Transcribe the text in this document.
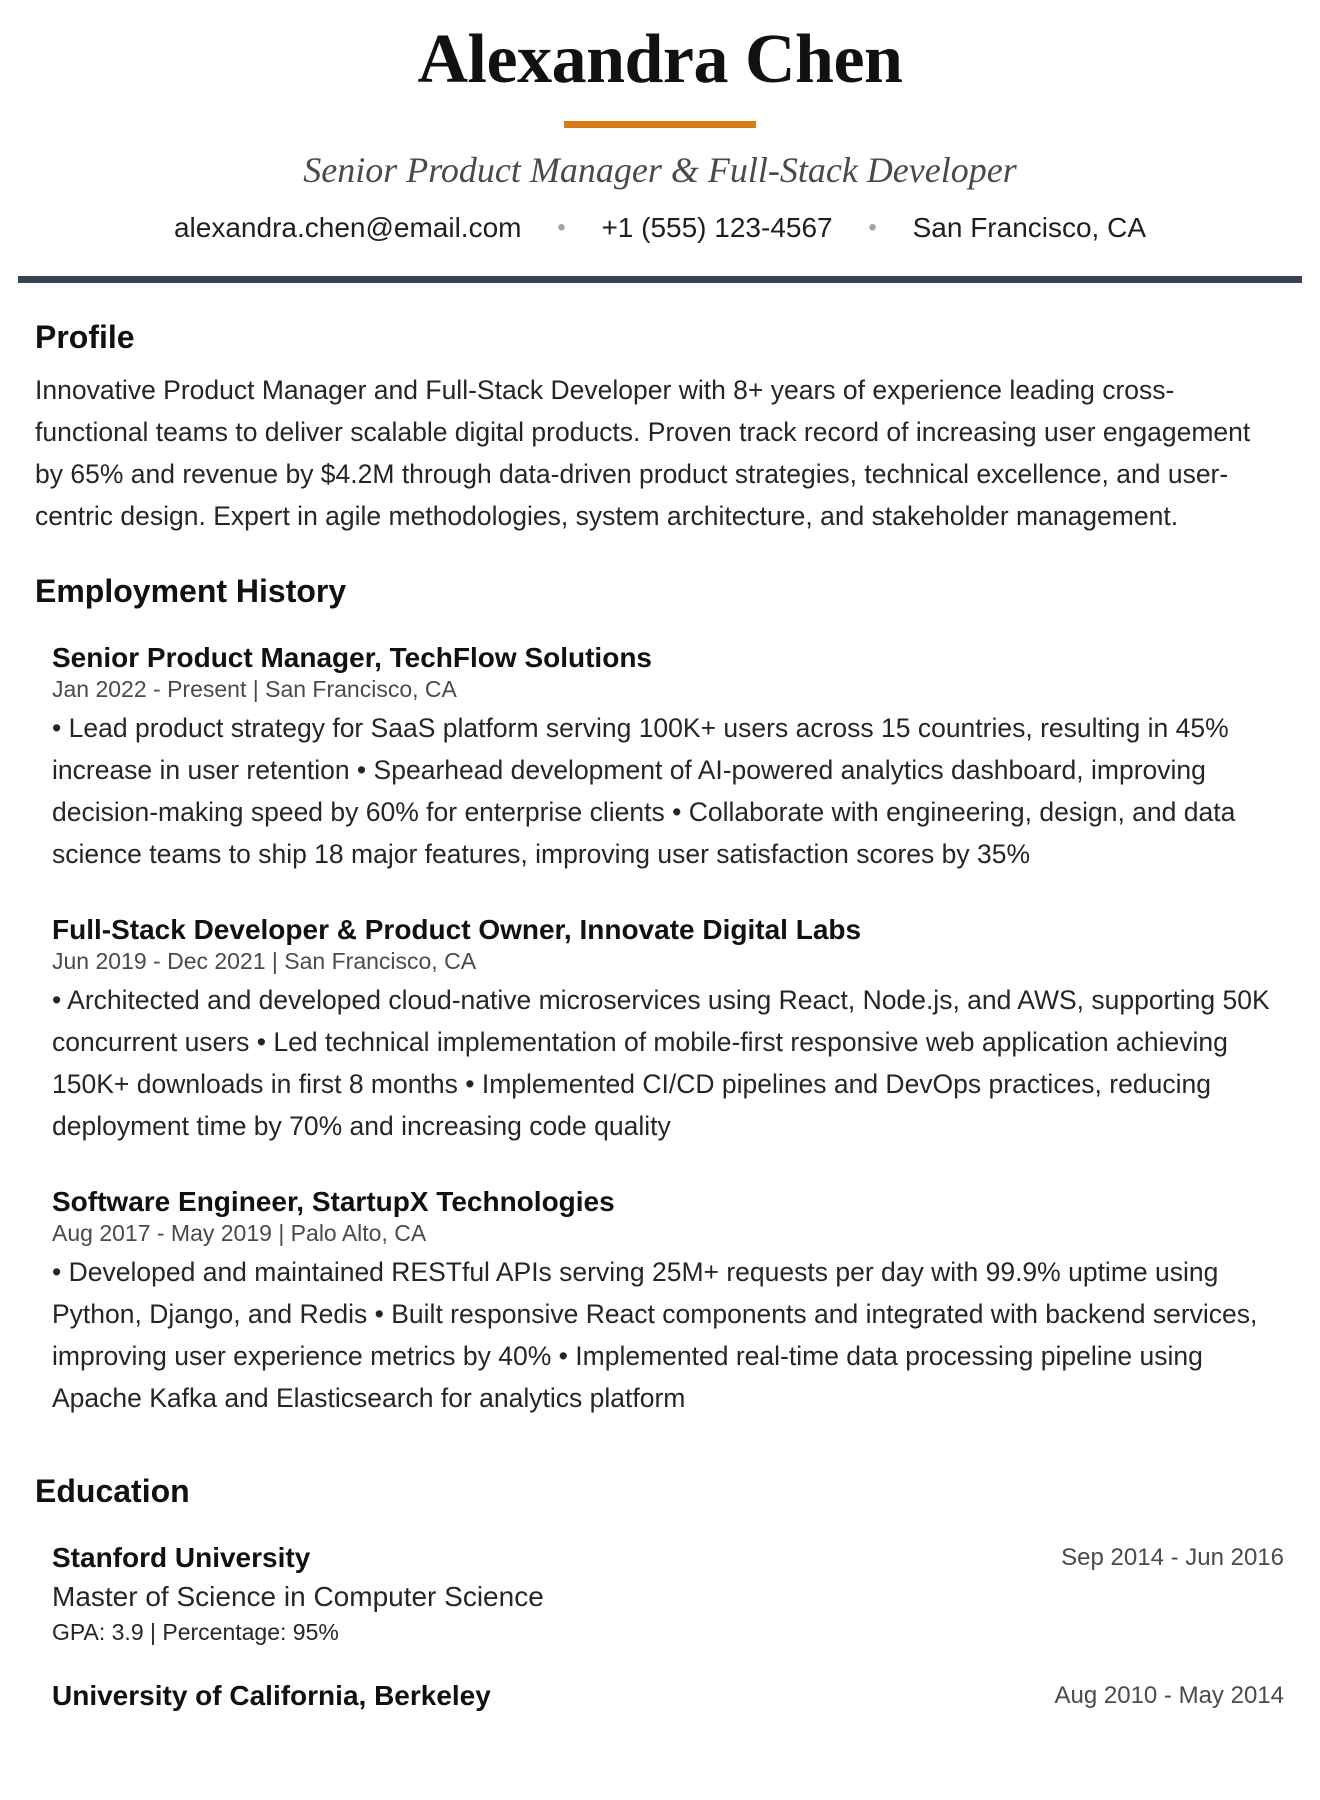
Alexandra Chen
Senior Product Manager & Full-Stack Developer
alexandra.chen@email.com • +1 (555) 123-4567 • San Francisco, CA
Profile

Innovative Product Manager and Full-Stack Developer with 8+ years of experience leading cross-functional teams to deliver scalable digital products. Proven track record of increasing user engagement by 65% and revenue by $4.2M through data-driven product strategies, technical excellence, and user-centric design. Expert in agile methodologies, system architecture, and stakeholder management.

Employment History
Senior Product Manager, TechFlow Solutions
Jan 2022 - Present | San Francisco, CA
• Lead product strategy for SaaS platform serving 100K+ users across 15 countries, resulting in 45% increase in user retention • Spearhead development of AI-powered analytics dashboard, improving decision-making speed by 60% for enterprise clients • Collaborate with engineering, design, and data science teams to ship 18 major features, improving user satisfaction scores by 35%
Full-Stack Developer & Product Owner, Innovate Digital Labs
Jun 2019 - Dec 2021 | San Francisco, CA
• Architected and developed cloud-native microservices using React, Node.js, and AWS, supporting 50K concurrent users • Led technical implementation of mobile-first responsive web application achieving 150K+ downloads in first 8 months • Implemented CI/CD pipelines and DevOps practices, reducing deployment time by 70% and increasing code quality
Software Engineer, StartupX Technologies
Aug 2017 - May 2019 | Palo Alto, CA
• Developed and maintained RESTful APIs serving 25M+ requests per day with 99.9% uptime using Python, Django, and Redis • Built responsive React components and integrated with backend services, improving user experience metrics by 40% • Implemented real-time data processing pipeline using Apache Kafka and Elasticsearch for analytics platform
Education
Stanford University	Sep 2014 - Jun 2016
Master of Science in Computer Science
GPA: 3.9 | Percentage: 95%
University of California, Berkeley	Aug 2010 - May 2014
